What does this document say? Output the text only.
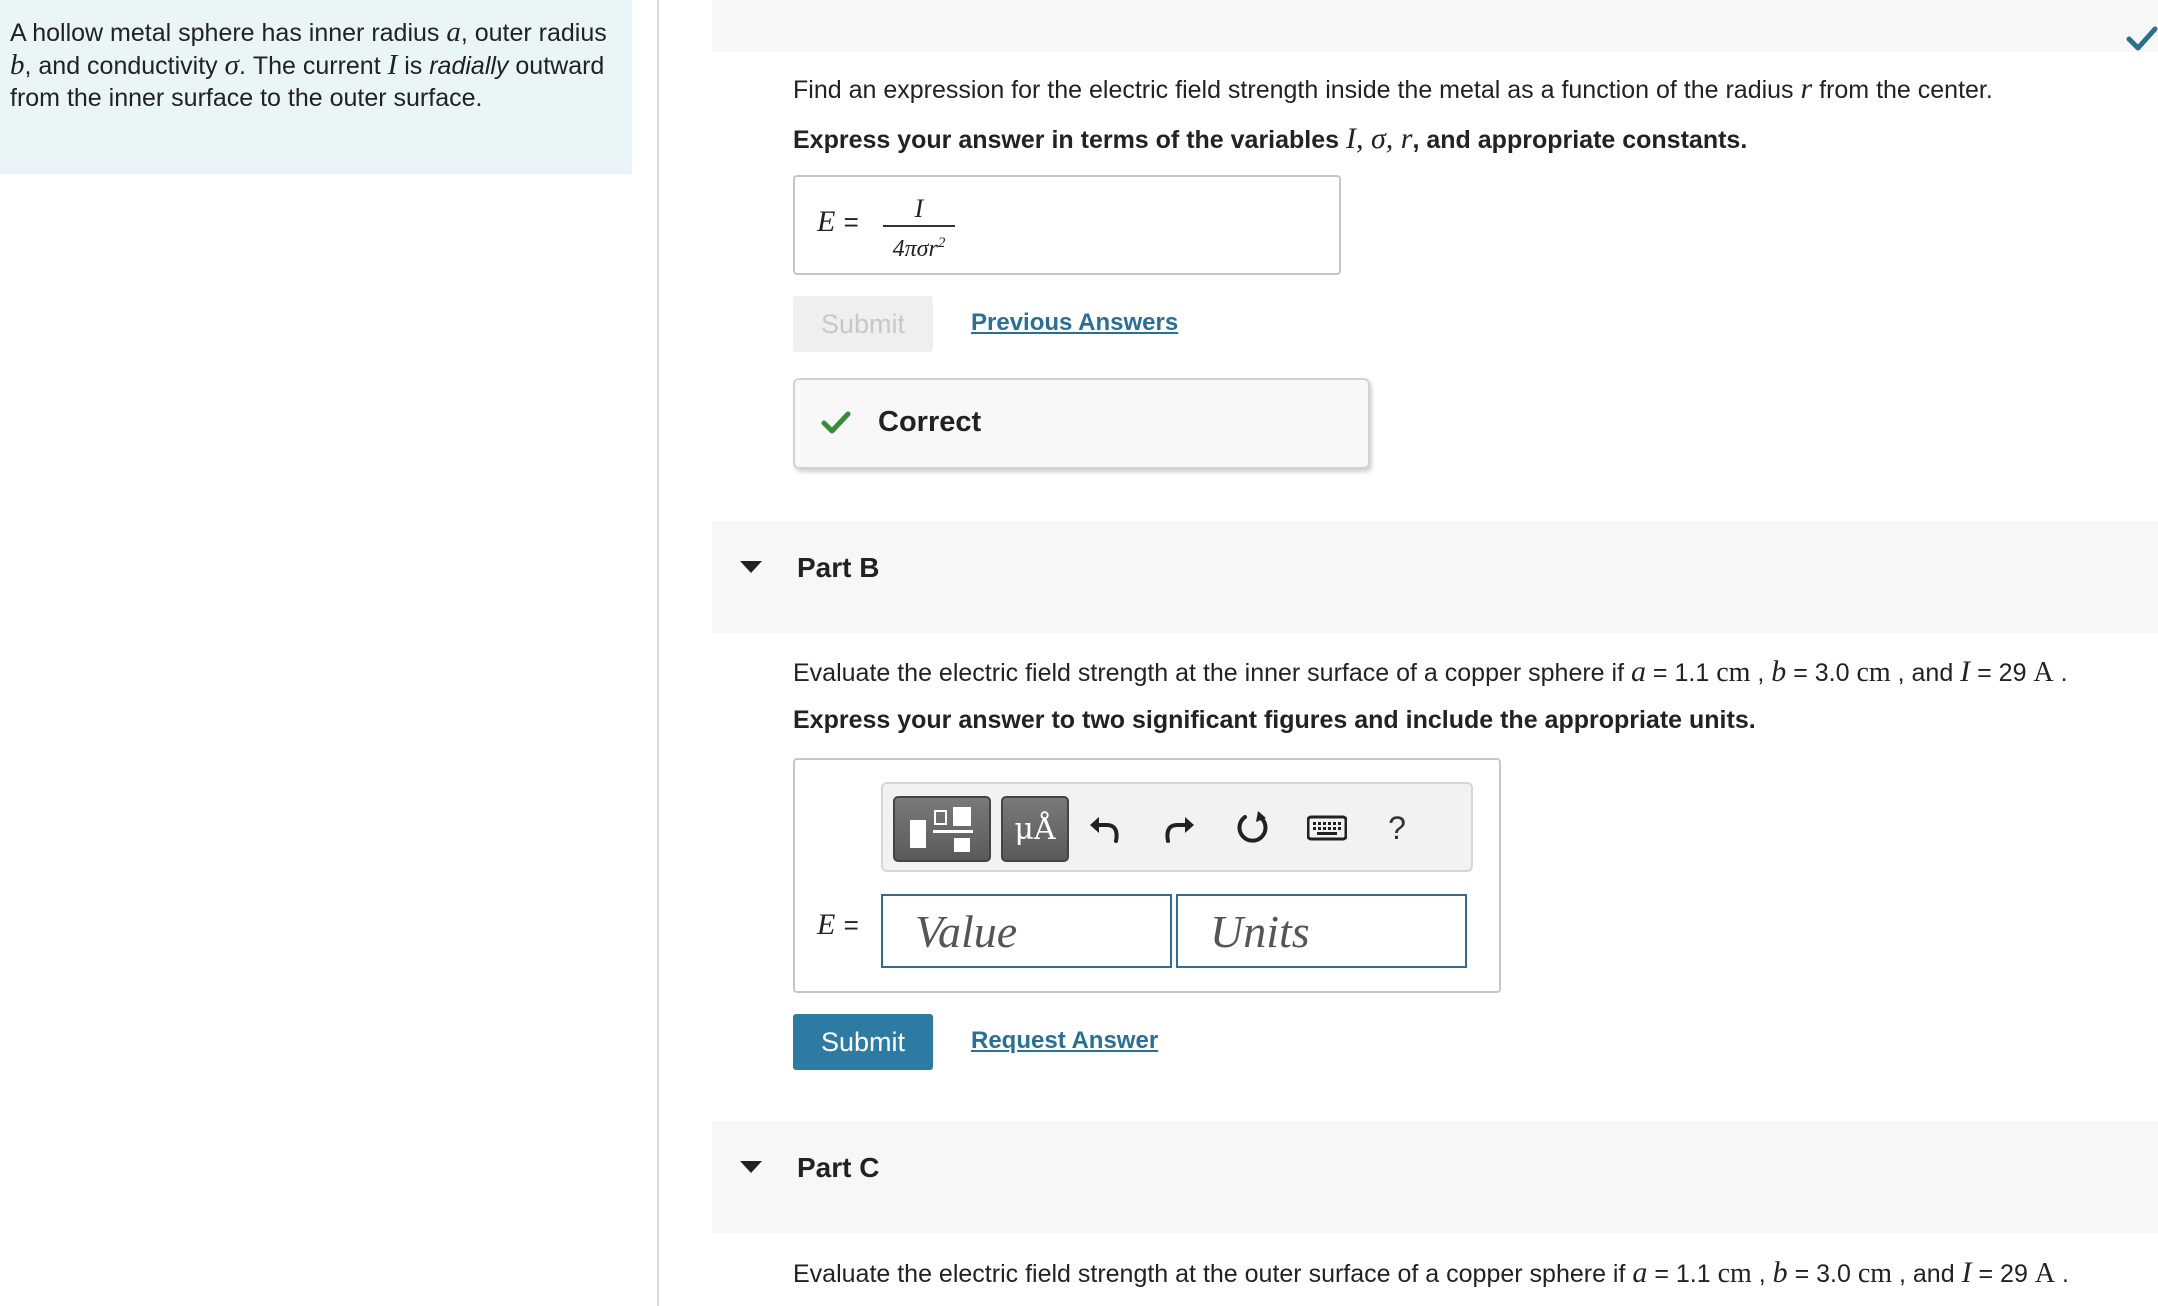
A hollow metal sphere has inner radius a, outer radius b, and conductivity σ. The current I is radially outward from the inner surface to the outer surface.	Find an expression for the electric field strength inside the metal as a function of the radius r from the center.
Express your answer in terms of the variables I, σ, r, and appropriate constants.
E =	I
4πσr$^2$
Submit	Previous Answers
Correct
Part B
Evaluate the electric field strength at the inner surface of a copper sphere if a = 1.1 cm , b = 3.0 cm , and I = 29 A .
Express your answer to two significant figures and include the appropriate units.
μÅ	?
E =
Value
Units
Submit	Request Answer
Part C
Evaluate the electric field strength at the outer surface of a copper sphere if a = 1.1 cm , b = 3.0 cm , and I = 29 A .
